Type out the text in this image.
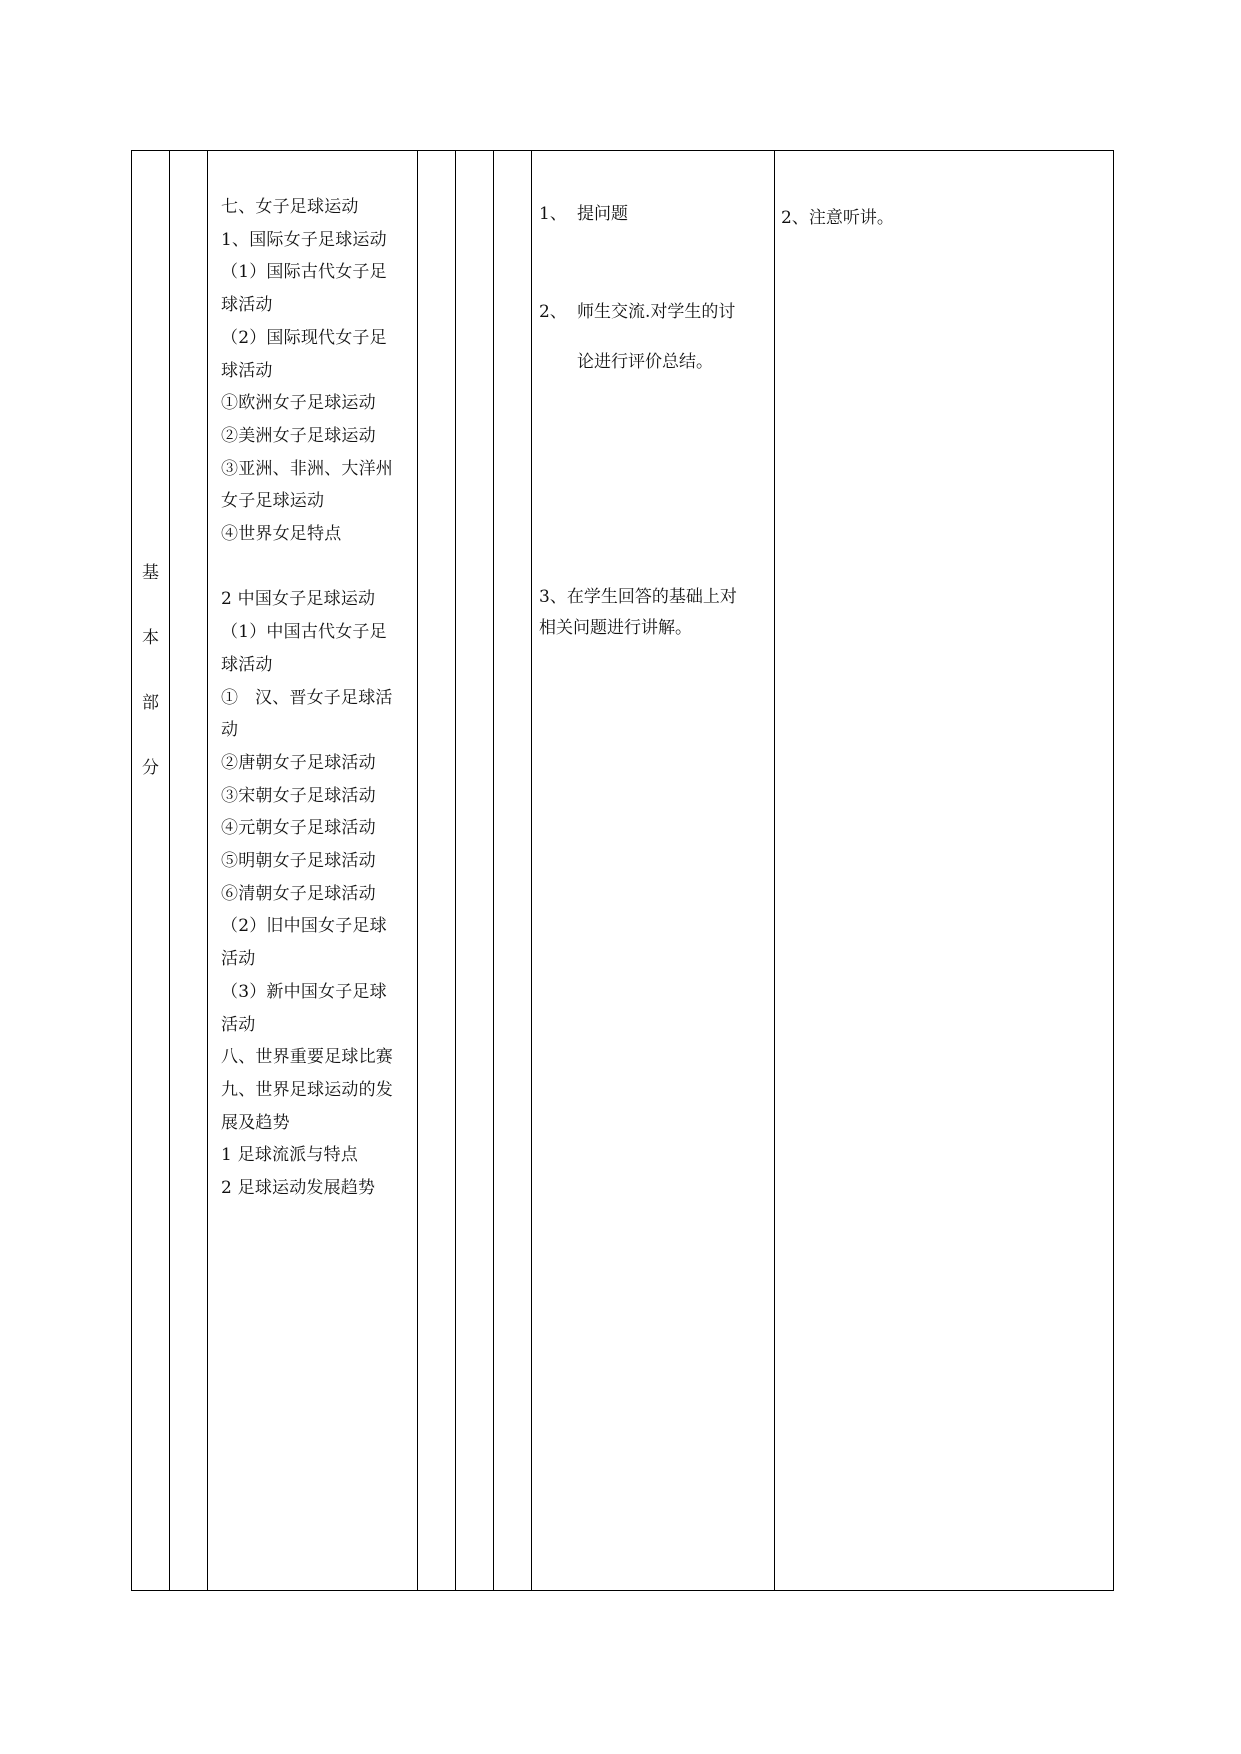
基
本
部
分
七、女子足球运动
1、国际女子足球运动
（1）国际古代女子足
球活动
（2）国际现代女子足
球活动
①欧洲女子足球运动
②美洲女子足球运动
③亚洲、非洲、大洋州
女子足球运动
④世界女足特点

2 中国女子足球运动
（1）中国古代女子足
球活动
①   汉、晋女子足球活
动
②唐朝女子足球活动
③宋朝女子足球活动
④元朝女子足球活动
⑤明朝女子足球活动
⑥清朝女子足球活动
（2）旧中国女子足球
活动
（3）新中国女子足球
活动
八、世界重要足球比赛
九、世界足球运动的发
展及趋势
1 足球流派与特点
2 足球运动发展趋势
1、 提问题
2、 师生交流.对学生的讨
论进行评价总结。
3、在学生回答的基础上对
相关问题进行讲解。
2、注意听讲。
